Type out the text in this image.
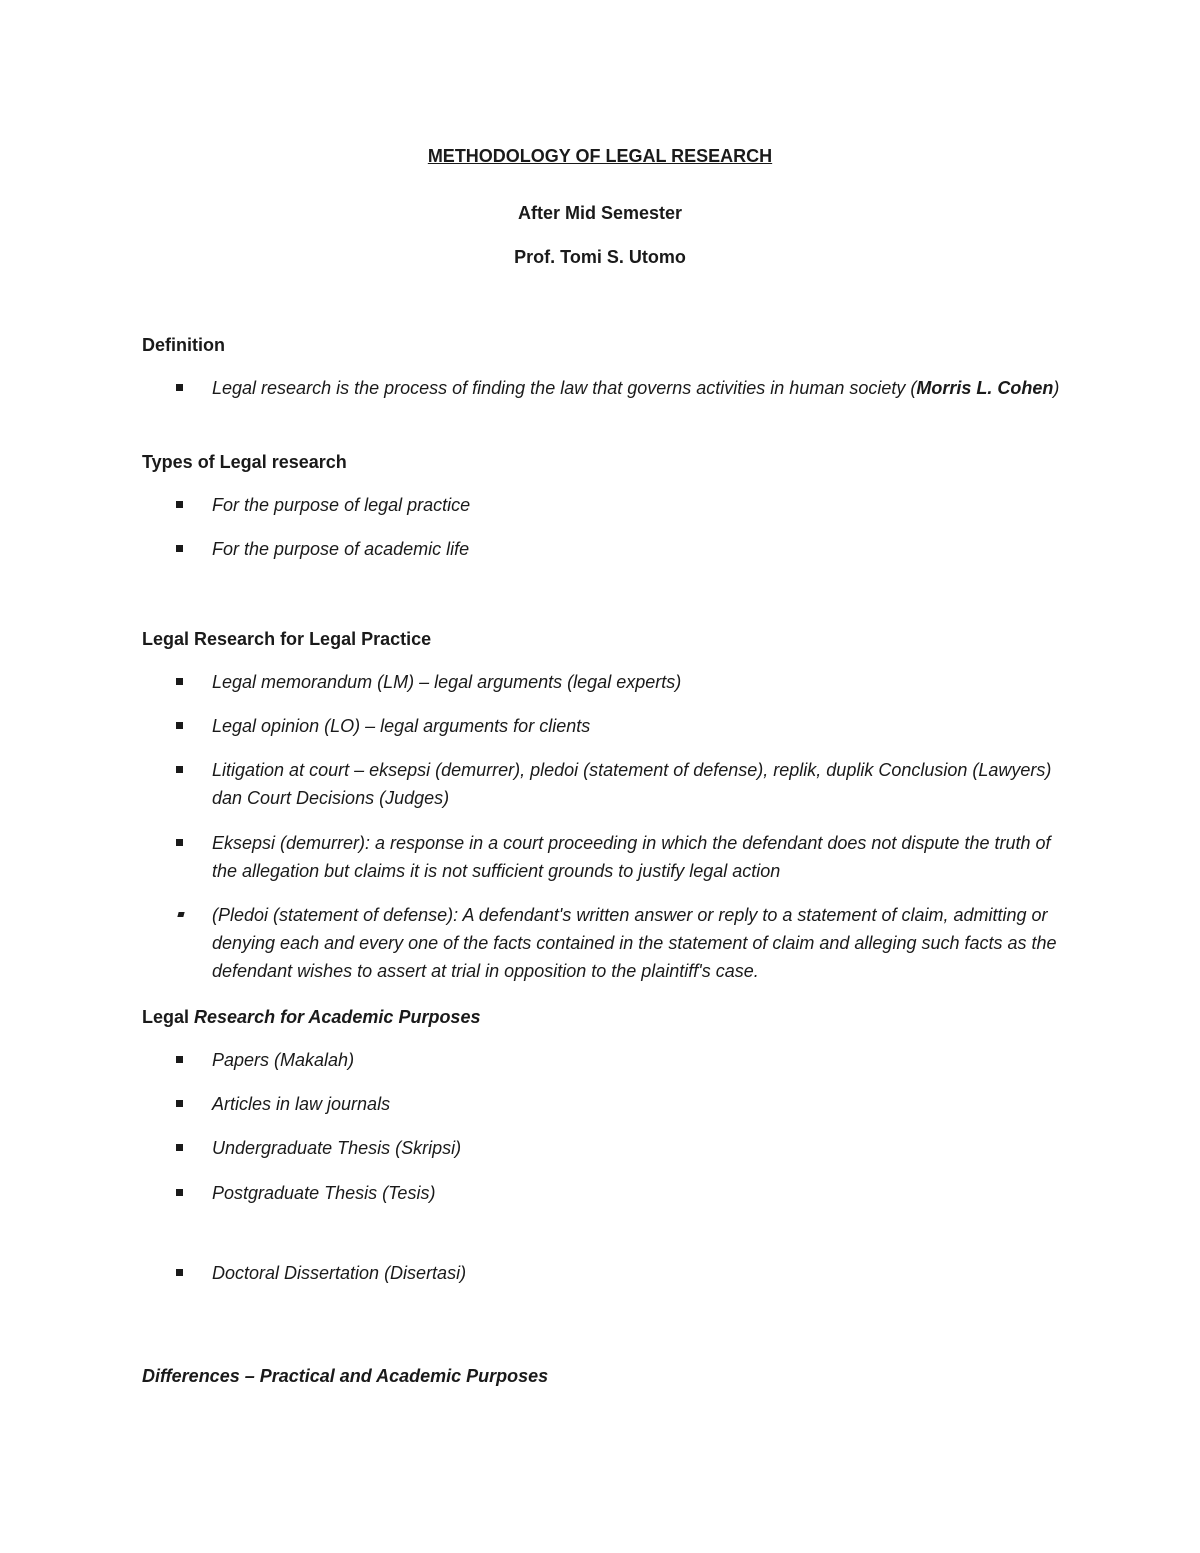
METHODOLOGY OF LEGAL RESEARCH
After Mid Semester
Prof. Tomi S. Utomo
Definition
Legal research is the process of finding the law that governs activities in human society (Morris L. Cohen)
Types of Legal research
For the purpose of legal practice
For the purpose of academic life
Legal Research for Legal Practice
Legal memorandum (LM) – legal arguments (legal experts)
Legal opinion (LO) – legal arguments for clients
Litigation at court – eksepsi (demurrer), pledoi (statement of defense), replik, duplik Conclusion (Lawyers) dan Court Decisions (Judges)
Eksepsi (demurrer): a response in a court proceeding in which the defendant does not dispute the truth of the allegation but claims it is not sufficient grounds to justify legal action
(Pledoi (statement of defense): A defendant's written answer or reply to a statement of claim, admitting or denying each and every one of the facts contained in the statement of claim and alleging such facts as the defendant wishes to assert at trial in opposition to the plaintiff's case.
Legal Research for Academic Purposes
Papers (Makalah)
Articles in law journals
Undergraduate Thesis (Skripsi)
Postgraduate Thesis (Tesis)
Doctoral Dissertation (Disertasi)
Differences – Practical and Academic Purposes
